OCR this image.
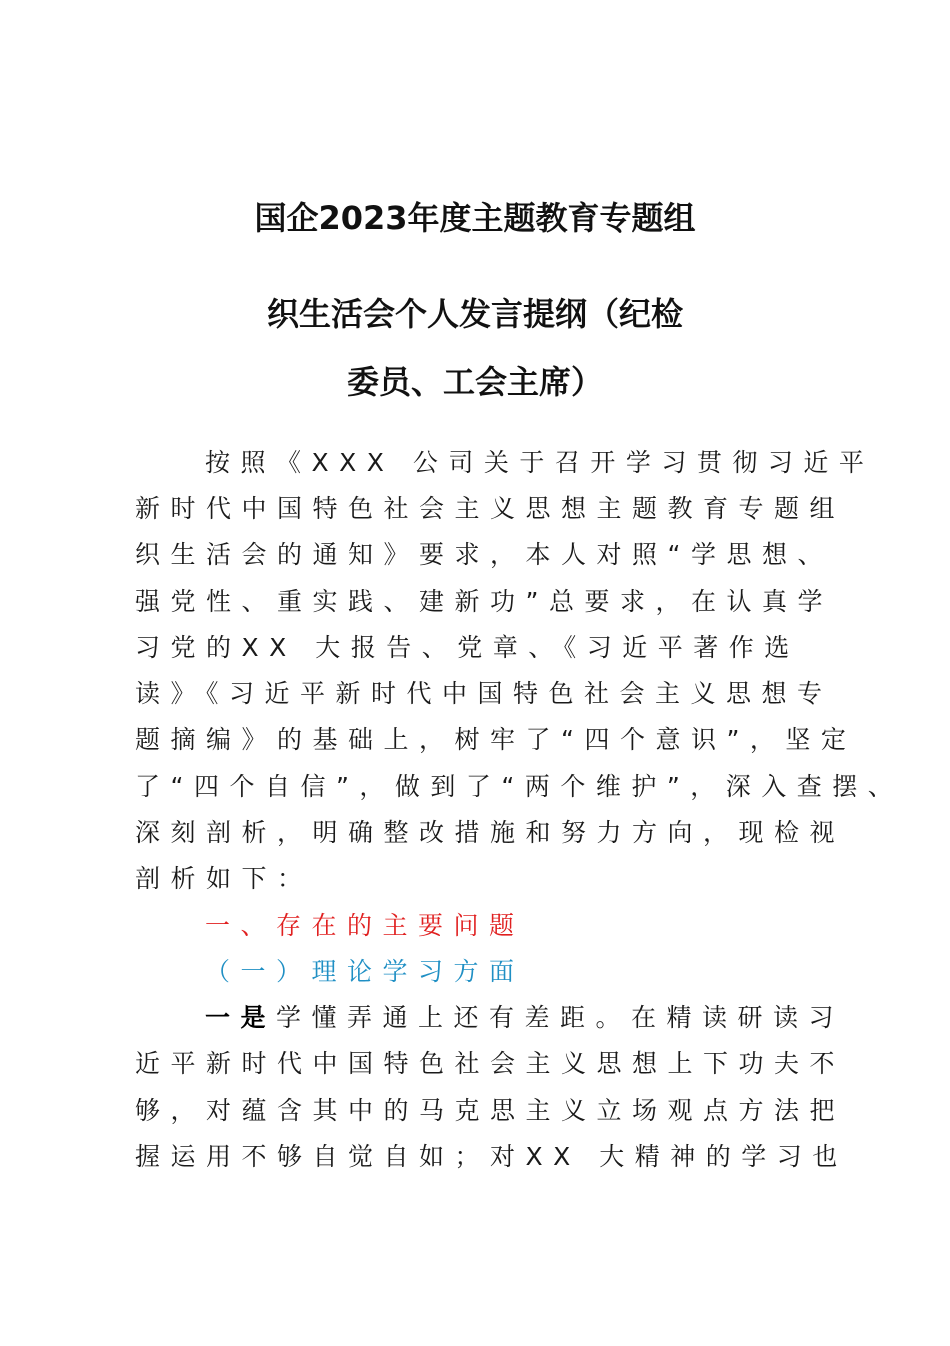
国企2023年度主题教育专题组
织生活会个人发言提纲（纪检
委员、工会主席）
按照《XXX 公司关于召开学习贯彻习近平
新时代中国特色社会主义思想主题教育专题组
织生活会的通知》要求，本人对照“学思想、
强党性、重实践、建新功”总要求，在认真学
习党的XX 大报告、党章、《习近平著作选
读》《习近平新时代中国特色社会主义思想专
题摘编》的基础上，树牢了“四个意识”，坚定
了“四个自信”，做到了“两个维护”，深入查摆、
深刻剖析，明确整改措施和努力方向，现检视
剖析如下：
一、存在的主要问题
（一）理论学习方面
一是学懂弄通上还有差距。在精读研读习
近平新时代中国特色社会主义思想上下功夫不
够，对蕴含其中的马克思主义立场观点方法把
握运用不够自觉自如；对XX 大精神的学习也
